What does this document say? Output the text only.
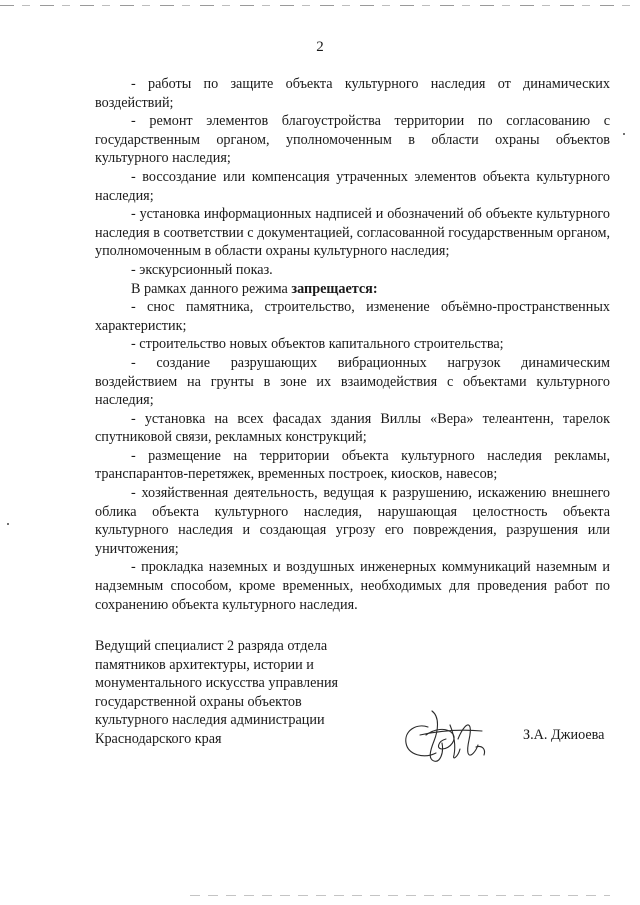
2

- работы по защите объекта культурного наследия от динамических воздействий;

- ремонт элементов благоустройства территории по согласованию с государственным органом, уполномоченным в области охраны объектов культурного наследия;

- воссоздание или компенсация утраченных элементов объекта культурного наследия;

- установка информационных надписей и обозначений об объекте культурного наследия в соответствии с документацией, согласованной государственным органом, уполномоченным в области охраны культурного наследия;

- экскурсионный показ.

В рамках данного режима запрещается:

- снос памятника, строительство, изменение объёмно-пространственных характеристик;

- строительство новых объектов капитального строительства;

- создание разрушающих вибрационных нагрузок динамическим воздействием на грунты в зоне их взаимодействия с объектами культурного наследия;

- установка на всех фасадах здания Виллы «Вера» телеантенн, тарелок спутниковой связи, рекламных конструкций;

- размещение на территории объекта культурного наследия рекламы, транспарантов-перетяжек, временных построек, киосков, навесов;

- хозяйственная деятельность, ведущая к разрушению, искажению внешнего облика объекта культурного наследия, нарушающая целостность объекта культурного наследия и создающая угрозу его повреждения, разрушения или уничтожения;

- прокладка наземных и воздушных инженерных коммуникаций наземным и надземным способом, кроме временных, необходимых для проведения работ по сохранению объекта культурного наследия.

Ведущий специалист 2 разряда отдела
памятников архитектуры, истории и
монументального искусства управления
государственной охраны объектов
культурного наследия администрации
Краснодарского края	З.А. Джиоева
